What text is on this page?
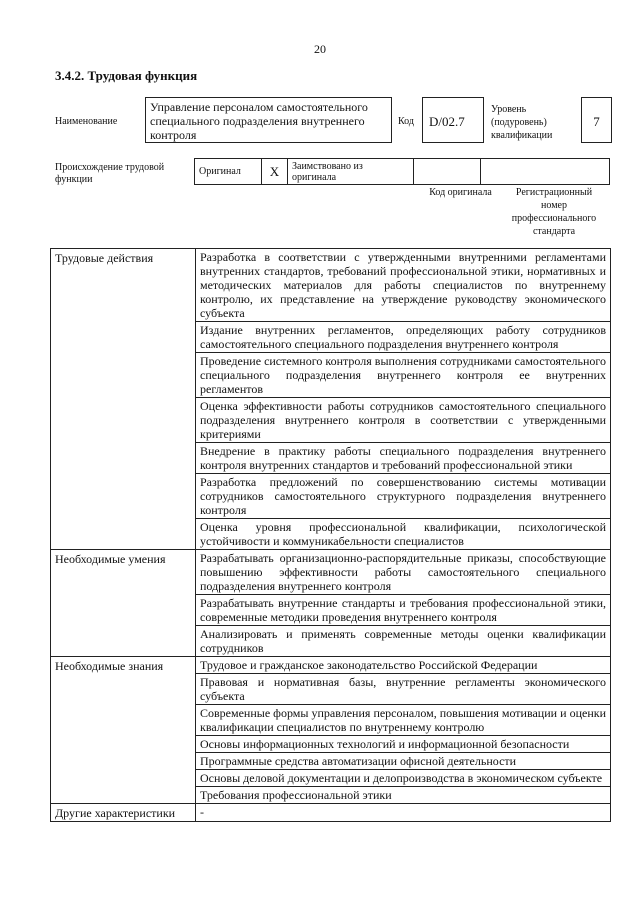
20
3.4.2. Трудовая функция
Наименование
Управление персоналом самостоятельного специального подразделения внутреннего контроля
Код	D/02.7
Уровень (подуровень) квалификации
7
Происхождение трудовой функции
Оригинал	X	Заимствовано из оригинала		
Код оригинала	Регистрационный номер профессионального стандарта
Трудовые действия	Разработка в соответствии с утвержденными внутренними регламентами внутренних стандартов, требований профессиональной этики, нормативных и методических материалов для работы специалистов по внутреннему контролю, их представление на утверждение руководству экономического субъекта
	Издание внутренних регламентов, определяющих работу сотрудников самостоятельного специального подразделения внутреннего контроля
	Проведение системного контроля выполнения сотрудниками самостоятельного специального подразделения внутреннего контроля ее внутренних регламентов
	Оценка эффективности работы сотрудников самостоятельного специального подразделения внутреннего контроля в соответствии с утвержденными критериями
	Внедрение в практику работы специального подразделения внутреннего контроля внутренних стандартов и требований профессиональной этики
	Разработка предложений по совершенствованию системы мотивации сотрудников самостоятельного структурного подразделения внутреннего контроля
	Оценка уровня профессиональной квалификации, психологической устойчивости и коммуникабельности специалистов
Необходимые умения	Разрабатывать организационно-распорядительные приказы, способствующие повышению эффективности работы самостоятельного специального подразделения внутреннего контроля
	Разрабатывать внутренние стандарты и требования профессиональной этики, современные методики проведения внутреннего контроля
	Анализировать и применять современные методы оценки квалификации сотрудников
Необходимые знания	Трудовое и гражданское законодательство Российской Федерации
	Правовая и нормативная базы, внутренние регламенты экономического субъекта
	Современные формы управления персоналом, повышения мотивации и оценки квалификации специалистов по внутреннему контролю
	Основы информационных технологий и информационной безопасности
	Программные средства автоматизации офисной деятельности
	Основы деловой документации и делопроизводства в экономическом субъекте
	Требования профессиональной этики
Другие характеристики	-
